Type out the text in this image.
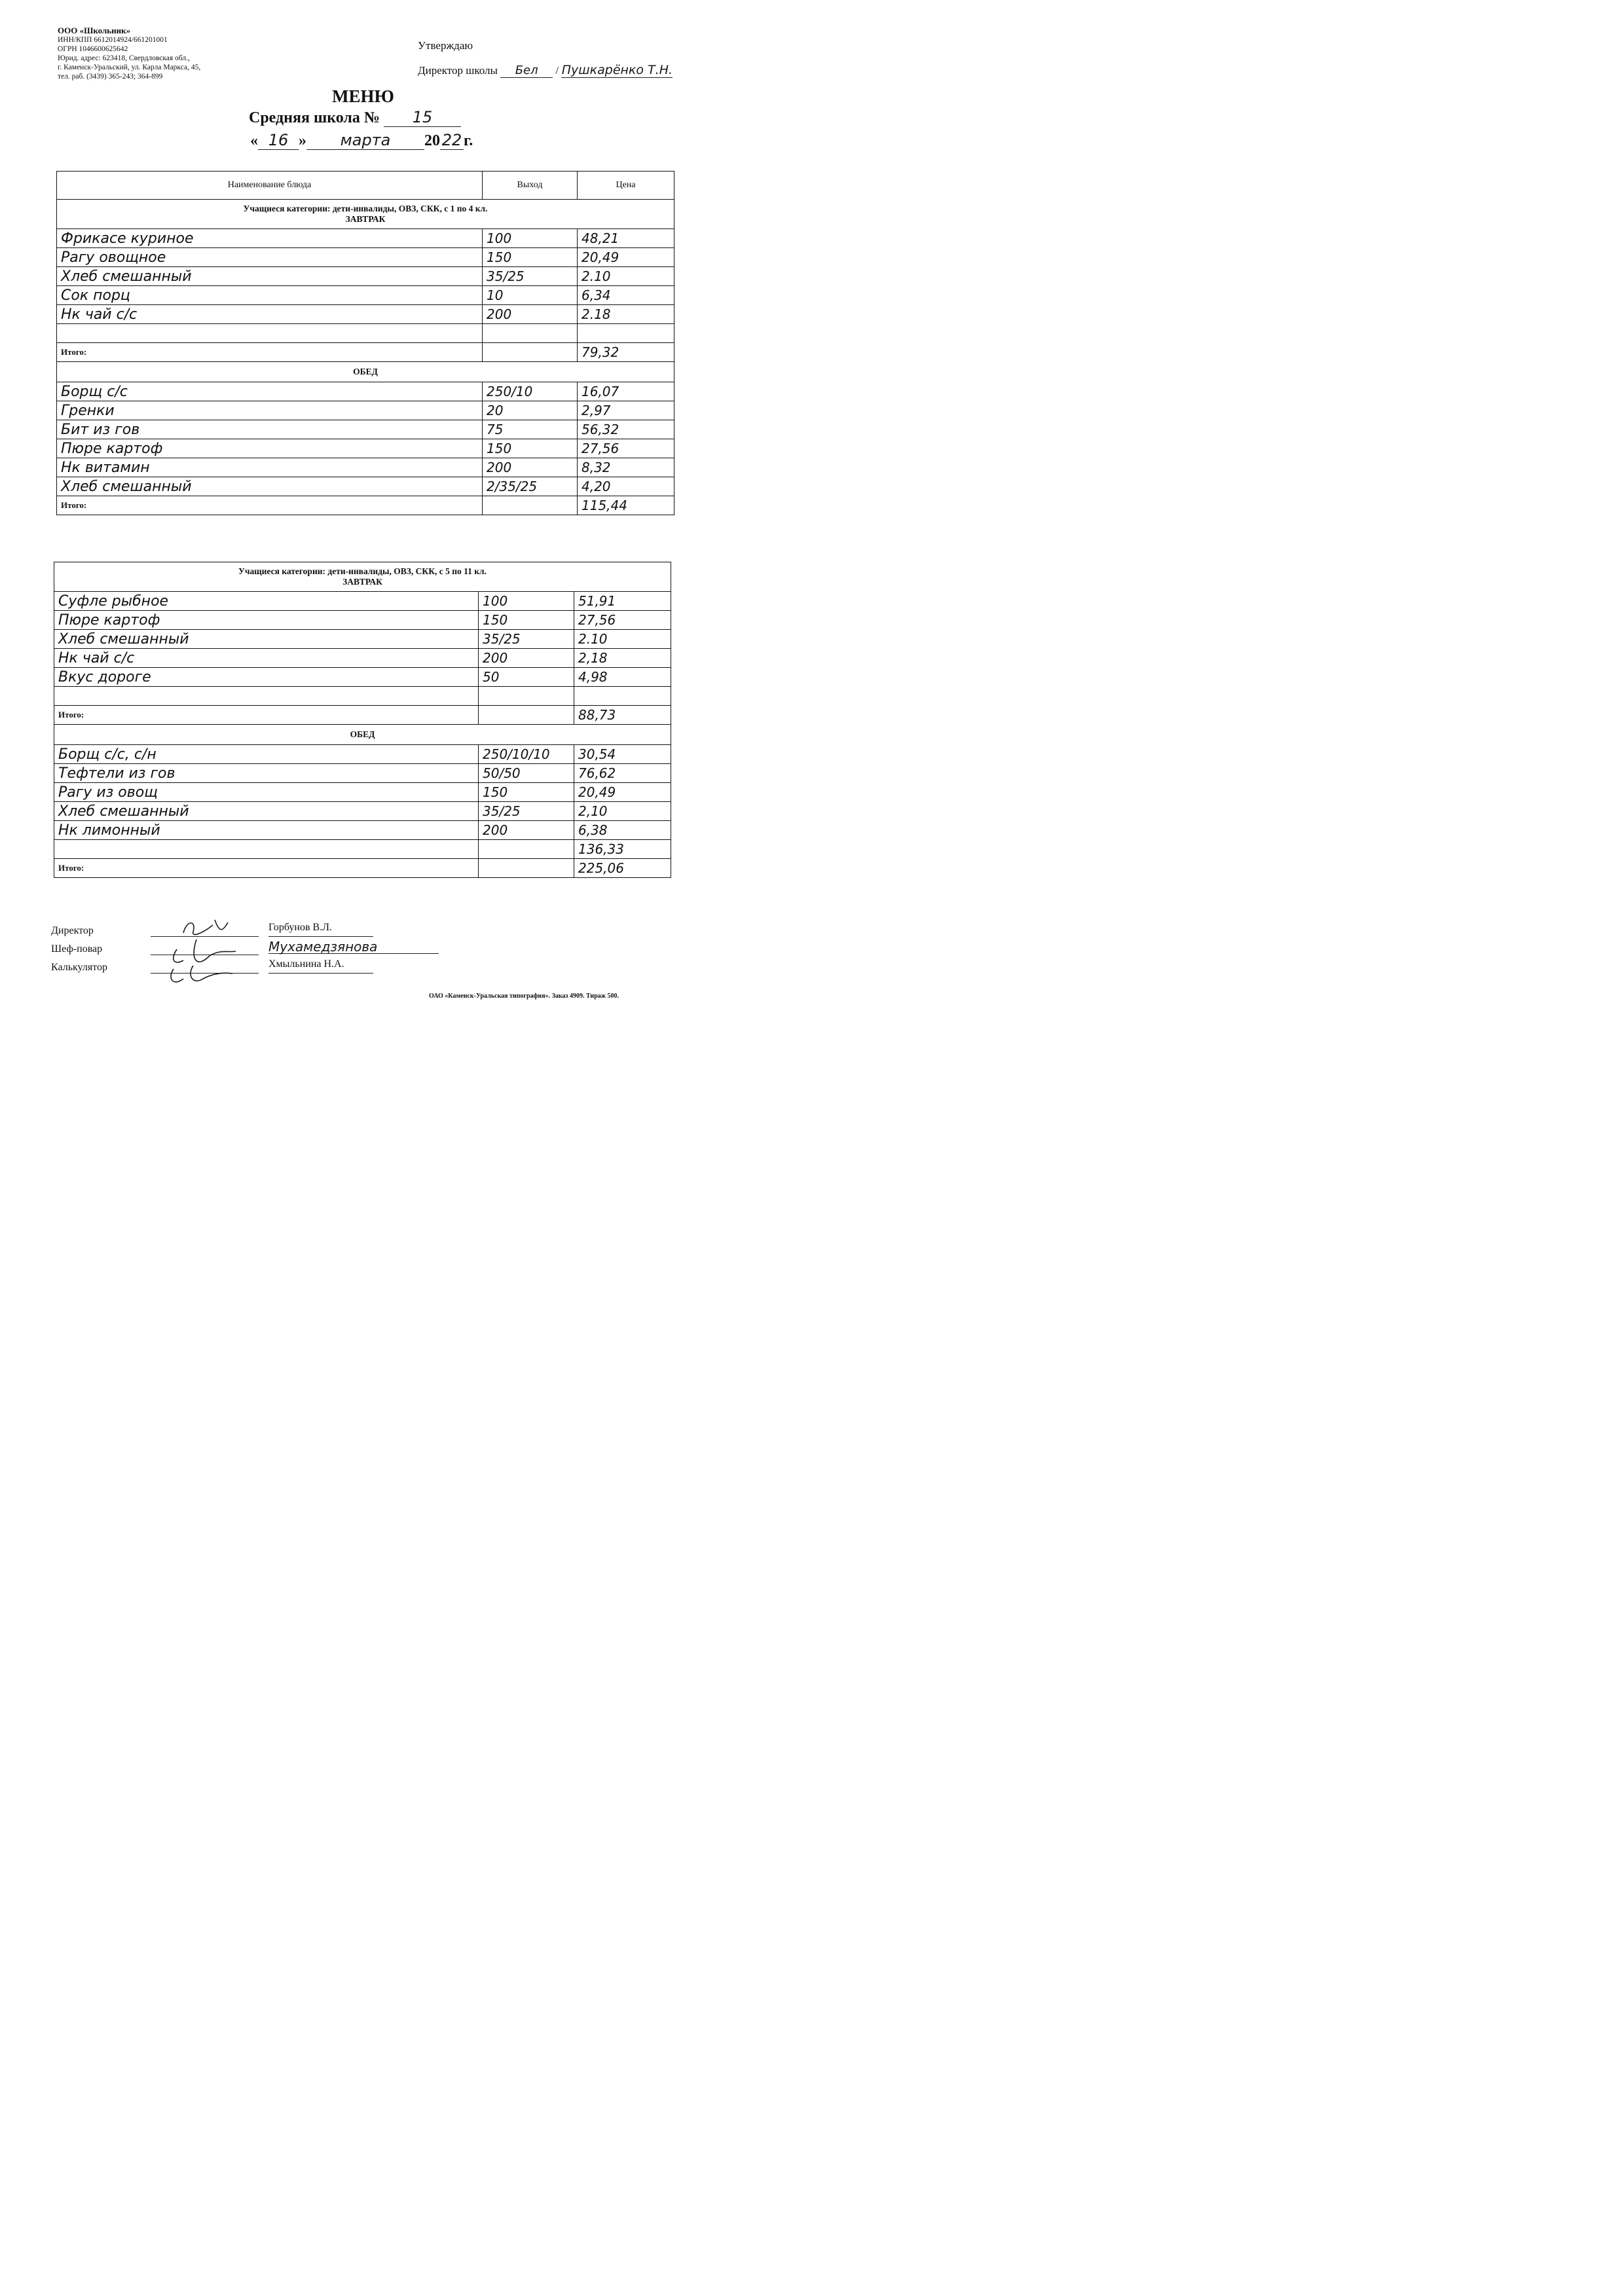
ООО «Школьник»
ИНН/КПП 6612014924/661201001
ОГРН 1046600625642
Юрид. адрес: 623418, Свердловская обл.,
г. Каменск-Уральский, ул. Карла Маркса, 45,
тел. раб. (3439) 365-243; 364-899
Утверждаю
Директор школы Бел / Пушкарёнко Т.Н.
МЕНЮ
Средняя школа № 15
« 16 » марта 20 22 г.
Наименование блюда	Выход	Цена

Учащиеся категории: дети-инвалиды, ОВЗ, СКК, с 1 по 4 кл.
ЗАВТРАК		

Фрикасе куриное	100	48,21
Рагу овощное	150	20,49
Хлеб смешанный	35/25	2.10
Сок порц	10	6,34
Нк чай с/с	200	2.18

Итого:		79,32
ОБЕД		
Борщ с/с	250/10	16,07
Гренки	20	2,97
Бит из гов	75	56,32
Пюре картоф	150	27,56
Нк витамин	200	8,32
Хлеб смешанный	2/35/25	4,20
Итого:		115,44
Учащиеся категории: дети-инвалиды, ОВЗ, СКК, с 5 по 11 кл.
ЗАВТРАК		

Суфле рыбное	100	51,91
Пюре картоф	150	27,56
Хлеб смешанный	35/25	2.10
Нк чай с/с	200	2,18
Вкус дороге	50	4,98

Итого:		88,73
ОБЕД		
Борщ с/с, с/н	250/10/10	30,54
Тефтели из гов	50/50	76,62
Рагу из овощ	150	20,49
Хлеб смешанный	35/25	2,10
Нк лимонный	200	6,38
		136,33
Итого:		225,06
Директор	Горбунов В.Л.
Шеф-повар	Мухамедзянова
Калькулятор	Хмыльнина Н.А.
ОАО «Каменск-Уральская типография». Заказ 4909. Тираж 500.
